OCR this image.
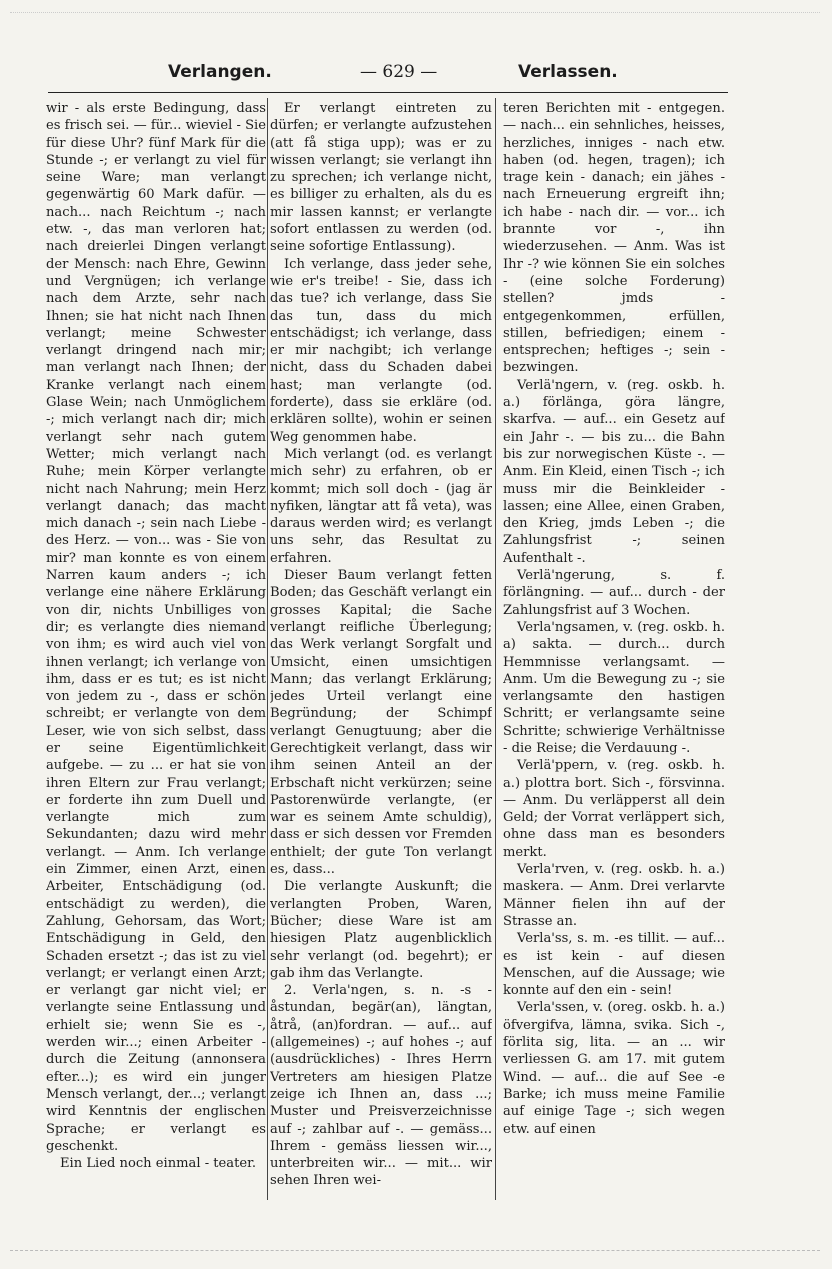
Verlangen.	— 629 —	Verlassen.

wir - als erste Bedingung, dass es frisch sei. — für... wieviel - Sie für diese Uhr? fünf Mark für die Stunde -; er verlangt zu viel für seine Ware; man verlangt gegenwärtig 60 Mark dafür. — nach... nach Reichtum -; nach etw. -, das man verloren hat; nach dreierlei Dingen verlangt der Mensch: nach Ehre, Gewinn und Vergnügen; ich verlange nach dem Arzte, sehr nach Ihnen; sie hat nicht nach Ihnen verlangt; meine Schwester verlangt dringend nach mir; man verlangt nach Ihnen; der Kranke verlangt nach einem Glase Wein; nach Unmöglichem -; mich verlangt nach dir; mich verlangt sehr nach gutem Wetter; mich verlangt nach Ruhe; mein Körper verlangte nicht nach Nahrung; mein Herz verlangt danach; das macht mich danach -; sein nach Liebe -des Herz. — von... was - Sie von mir? man konnte es von einem Narren kaum anders -; ich verlange eine nähere Erklärung von dir, nichts Unbilliges von dir; es verlangte dies niemand von ihm; es wird auch viel von ihnen verlangt; ich verlange von ihm, dass er es tut; es ist nicht von jedem zu -, dass er schön schreibt; er verlangte von dem Leser, wie von sich selbst, dass er seine Eigentümlichkeit aufgebe. — zu ... er hat sie von ihren Eltern zur Frau verlangt; er forderte ihn zum Duell und verlangte mich zum Sekundanten; dazu wird mehr verlangt. — Anm. Ich verlange ein Zimmer, einen Arzt, einen Arbeiter, Entschädigung (od. entschädigt zu werden), die Zahlung, Gehorsam, das Wort; Entschädigung in Geld, den Schaden ersetzt -; das ist zu viel verlangt; er verlangt einen Arzt; er verlangt gar nicht viel; er verlangte seine Entlassung und erhielt sie; wenn Sie es -, werden wir...; einen Arbeiter - durch die Zeitung (annonsera efter...); es wird ein junger Mensch verlangt, der...; verlangt wird Kenntnis der englischen Sprache; er verlangt es geschenkt.

Ein Lied noch einmal - teater.

Er verlangt eintreten zu dürfen; er verlangte aufzustehen (att få stiga upp); was er zu wissen verlangt; sie verlangt ihn zu sprechen; ich verlange nicht, es billiger zu erhalten, als du es mir lassen kannst; er verlangte sofort entlassen zu werden (od. seine sofortige Entlassung).

Ich verlange, dass jeder sehe, wie er's treibe! - Sie, dass ich das tue? ich verlange, dass Sie das tun, dass du mich entschädigst; ich verlange, dass er mir nachgibt; ich verlange nicht, dass du Schaden dabei hast; man verlangte (od. forderte), dass sie erkläre (od. erklären sollte), wohin er seinen Weg genommen habe.

Mich verlangt (od. es verlangt mich sehr) zu erfahren, ob er kommt; mich soll doch - (jag är nyfiken, längtar att få veta), was daraus werden wird; es verlangt uns sehr, das Resultat zu erfahren.

Dieser Baum verlangt fetten Boden; das Geschäft verlangt ein grosses Kapital; die Sache verlangt reifliche Überlegung; das Werk verlangt Sorgfalt und Umsicht, einen umsichtigen Mann; das verlangt Erklärung; jedes Urteil verlangt eine Begründung; der Schimpf verlangt Genugtuung; aber die Gerechtigkeit verlangt, dass wir ihm seinen Anteil an der Erbschaft nicht verkürzen; seine Pastorenwürde verlangte, (er war es seinem Amte schuldig), dass er sich dessen vor Fremden enthielt; der gute Ton verlangt es, dass...

Die verlangte Auskunft; die verlangten Proben, Waren, Bücher; diese Ware ist am hiesigen Platz augenblicklich sehr verlangt (od. begehrt); er gab ihm das Verlangte.

2. Verla'ngen, s. n. -s - åstundan, begär(an), längtan, åtrå, (an)fordran. — auf... auf (allgemeines) -; auf hohes -; auf (ausdrückliches) - Ihres Herrn Vertreters am hiesigen Platze zeige ich Ihnen an, dass ...; Muster und Preisverzeichnisse auf -; zahlbar auf -. — gemäss... Ihrem - gemäss liessen wir..., unterbreiten wir... — mit... wir sehen Ihren wei-

teren Berichten mit - entgegen. — nach... ein sehnliches, heisses, herzliches, inniges - nach etw. haben (od. hegen, tragen); ich trage kein - danach; ein jähes - nach Erneuerung ergreift ihn; ich habe - nach dir. — vor... ich brannte vor -, ihn wiederzusehen. — Anm. Was ist Ihr -? wie können Sie ein solches - (eine solche Forderung) stellen? jmds - entgegenkommen, erfüllen, stillen, befriedigen; einem - entsprechen; heftiges -; sein - bezwingen.

Verlä'ngern, v. (reg. oskb. h. a.) förlänga, göra längre, skarfva. — auf... ein Gesetz auf ein Jahr -. — bis zu... die Bahn bis zur norwegischen Küste -. — Anm. Ein Kleid, einen Tisch -; ich muss mir die Beinkleider - lassen; eine Allee, einen Graben, den Krieg, jmds Leben -; die Zahlungsfrist -; seinen Aufenthalt -.

Verlä'ngerung, s. f. förlängning. — auf... durch - der Zahlungsfrist auf 3 Wochen.

Verla'ngsamen, v. (reg. oskb. h. a) sakta. — durch... durch Hemmnisse verlangsamt. — Anm. Um die Bewegung zu -; sie verlangsamte den hastigen Schritt; er verlangsamte seine Schritte; schwierige Verhältnisse - die Reise; die Verdauung -.

Verlä'ppern, v. (reg. oskb. h. a.) plottra bort. Sich -, försvinna. — Anm. Du verläpperst all dein Geld; der Vorrat verläppert sich, ohne dass man es besonders merkt.

Verla'rven, v. (reg. oskb. h. a.) maskera. — Anm. Drei verlarvte Männer fielen ihn auf der Strasse an.

Verla'ss, s. m. -es tillit. — auf... es ist kein - auf diesen Menschen, auf die Aussage; wie konnte auf den ein - sein!

Verla'ssen, v. (oreg. oskb. h. a.) öfvergifva, lämna, svika. Sich -, förlita sig, lita. — an ... wir verliessen G. am 17. mit gutem Wind. — auf... die auf See -e Barke; ich muss meine Familie auf einige Tage -; sich wegen etw. auf einen
